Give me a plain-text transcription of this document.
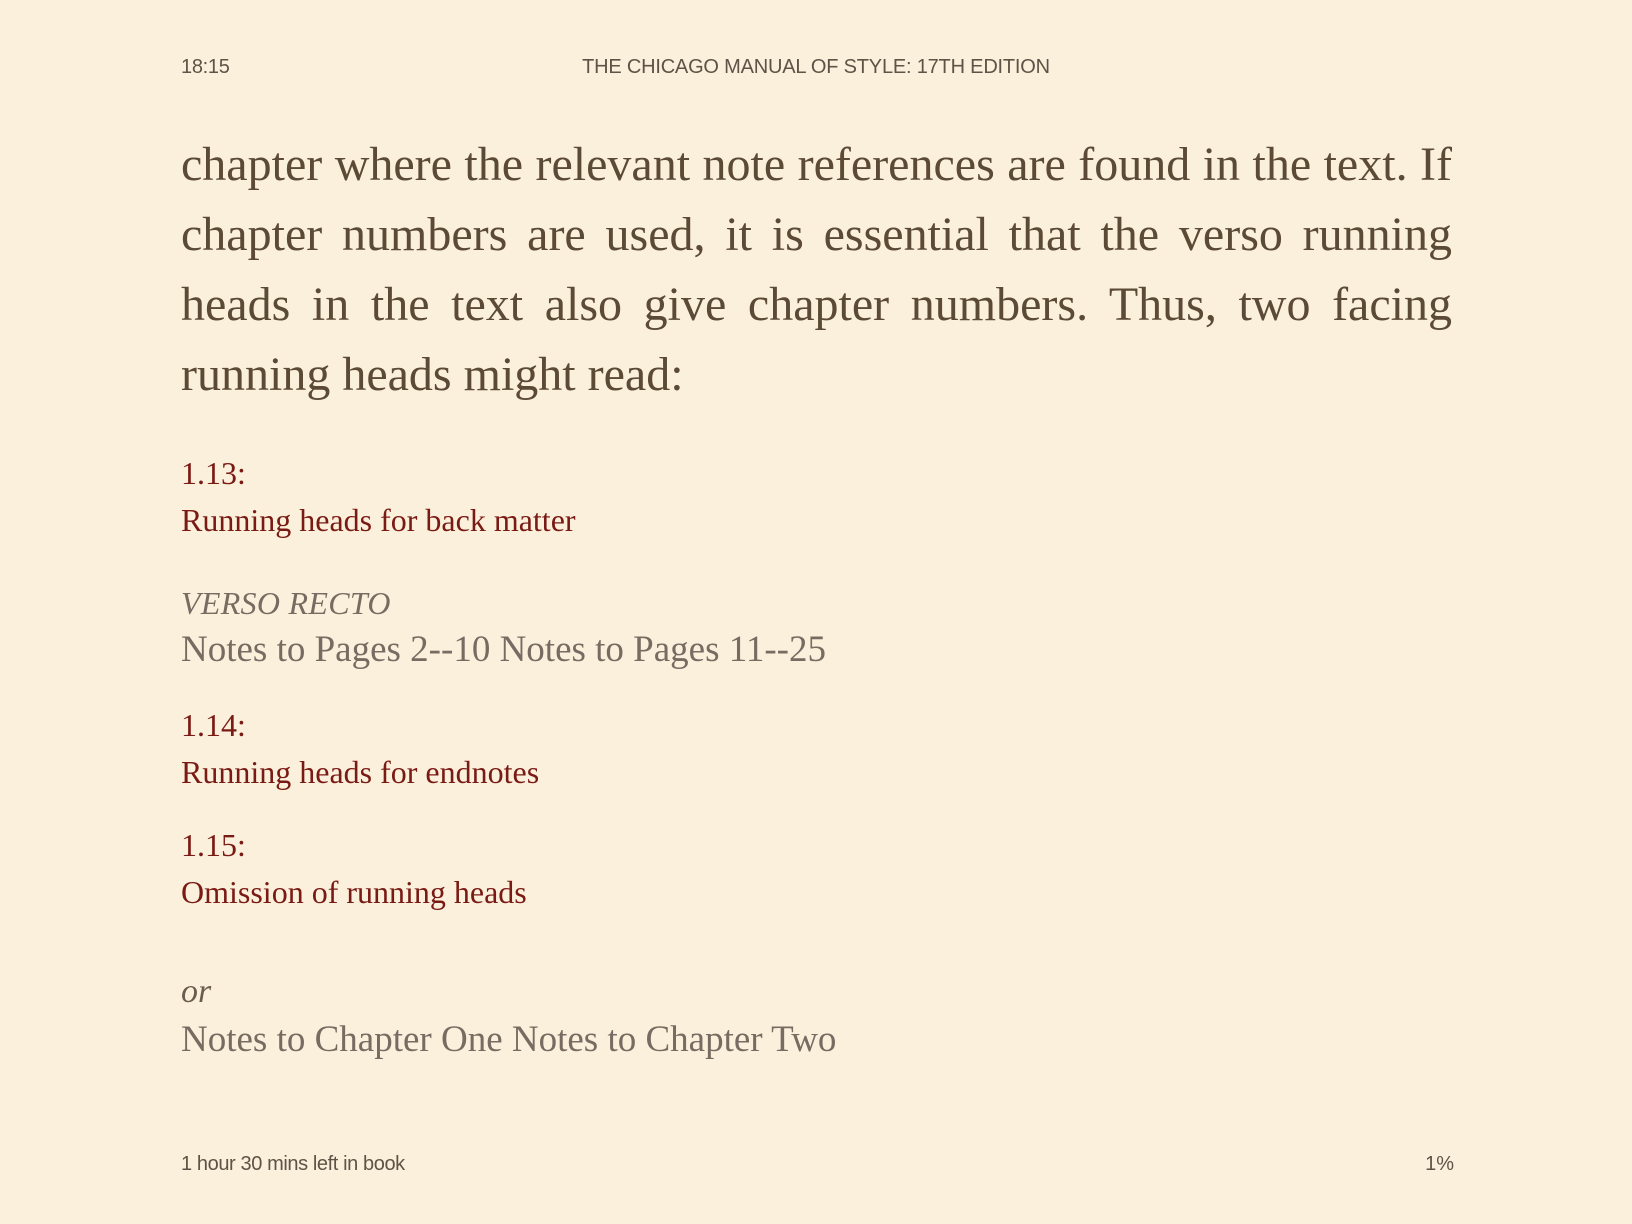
18:15	THE CHICAGO MANUAL OF STYLE: 17TH EDITION

chapter where the relevant note references are found in the text. If chapter numbers are used, it is essential that the verso running heads in the text also give chapter numbers. Thus, two facing running heads might read:

1.13:
Running heads for back matter
VERSO RECTO
Notes to Pages 2--10 Notes to Pages 11--25
1.14:
Running heads for endnotes
1.15:
Omission of running heads
or
Notes to Chapter One Notes to Chapter Two
1 hour 30 mins left in book	1%
